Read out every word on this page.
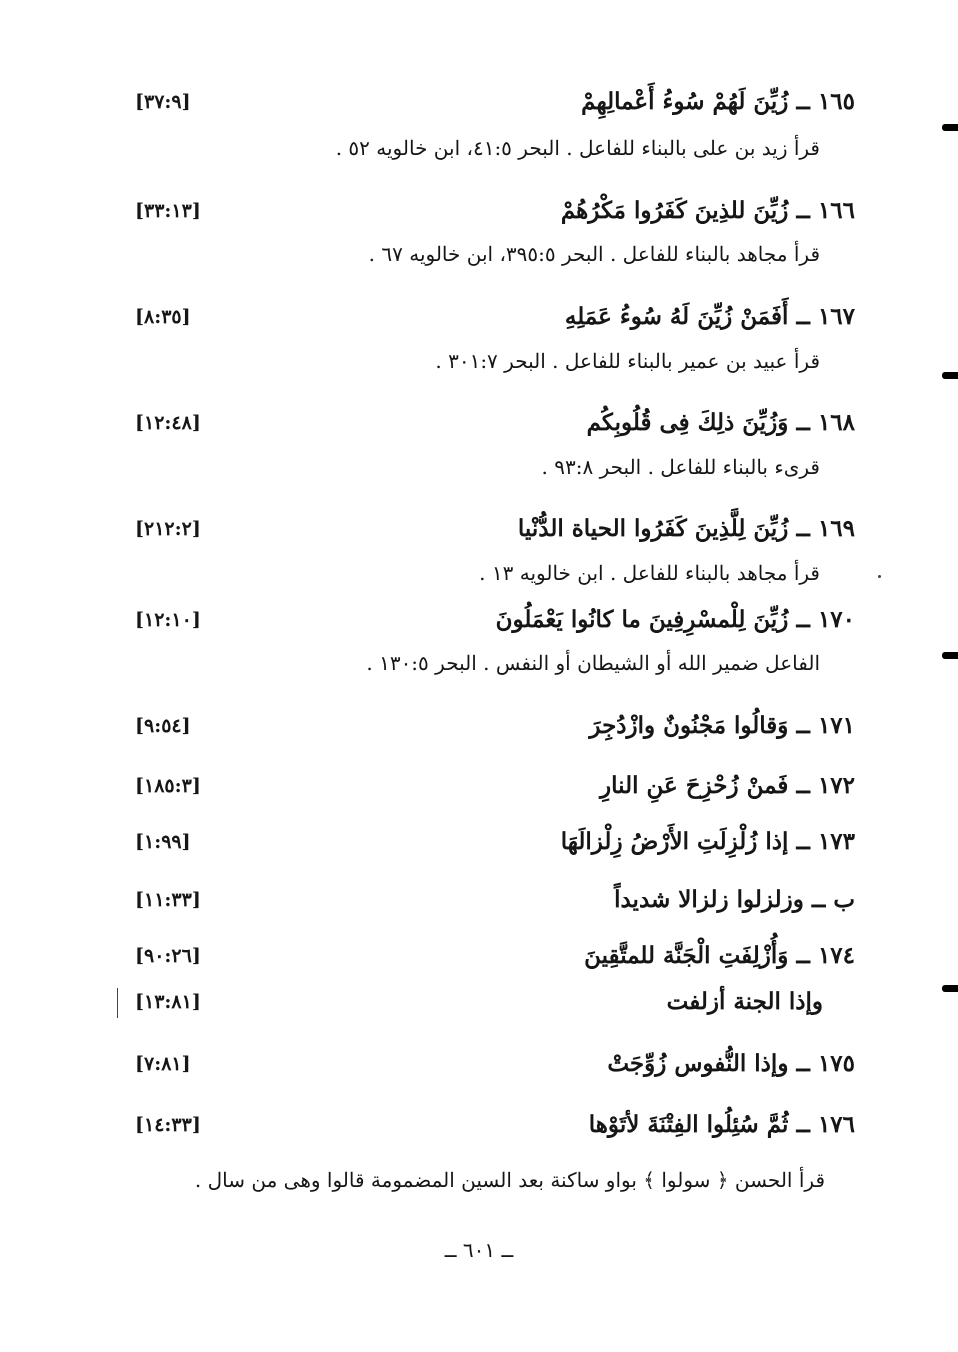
١٦٥ ــ زُيِّنَ لَهُمْ سُوءُ أَعْمالِهِمْ
[٣٧:٩]
قرأ زيد بن على بالبناء للفاعل . البحر ٤١:٥، ابن خالويه ٥٢ .
١٦٦ ــ زُيِّنَ للذِينَ كَفَرُوا مَكْرُهُمْ
[٣٣:١٣]
قرأ مجاهد بالبناء للفاعل . البحر ٣٩٥:٥، ابن خالويه ٦٧ .
١٦٧ ــ أَفَمَنْ زُيِّنَ لَهُ سُوءُ عَمَلِهِ
[٨:٣٥]
قرأ عبيد بن عمير بالبناء للفاعل . البحر ٣٠١:٧ .
١٦٨ ــ وَزُيِّنَ ذلِكَ فِى قُلُوبِكُم
[١٢:٤٨]
قرىء بالبناء للفاعل . البحر ٩٣:٨ .
١٦٩ ــ زُيِّنَ لِلَّذِينَ كَفَرُوا الحياة الدُّنْيا
[٢١٢:٢]
قرأ مجاهد بالبناء للفاعل . ابن خالويه ١٣ .
١٧٠ ــ زُيِّنَ لِلْمسْرِفِينَ ما كانُوا يَعْمَلُونَ
[١٢:١٠]
الفاعل ضمير الله أو الشيطان أو النفس . البحر ١٣٠:٥ .
١٧١ ــ وَقالُوا مَجْنُونٌ وازْدُجِرَ
[٩:٥٤]
١٧٢ ــ فَمنْ زُحْزِحَ عَنِ النارِ
[١٨٥:٣]
١٧٣ ــ إذا زُلْزِلَتِ الأَرْضُ زِلْزالَهَا
[١:٩٩]
ب ــ وزلزلوا زلزالا شديداً
[١١:٣٣]
١٧٤ ــ وَأُزْلِفَتِ الْجَنَّة للمتَّقِينَ
[٩٠:٢٦]
وإذا الجنة أزلفت
[١٣:٨١]
١٧٥ ــ وإذا النُّفوس زُوِّجَتْ
[٧:٨١]
١٧٦ ــ ثُمَّ سُئِلُوا الفِتْنَةَ لأتَوْها
[١٤:٣٣]
قرأ الحسن ﴿ سولوا ﴾ بواو ساكنة بعد السين المضمومة قالوا وهى من سال .
ــ ٦٠١ ــ
